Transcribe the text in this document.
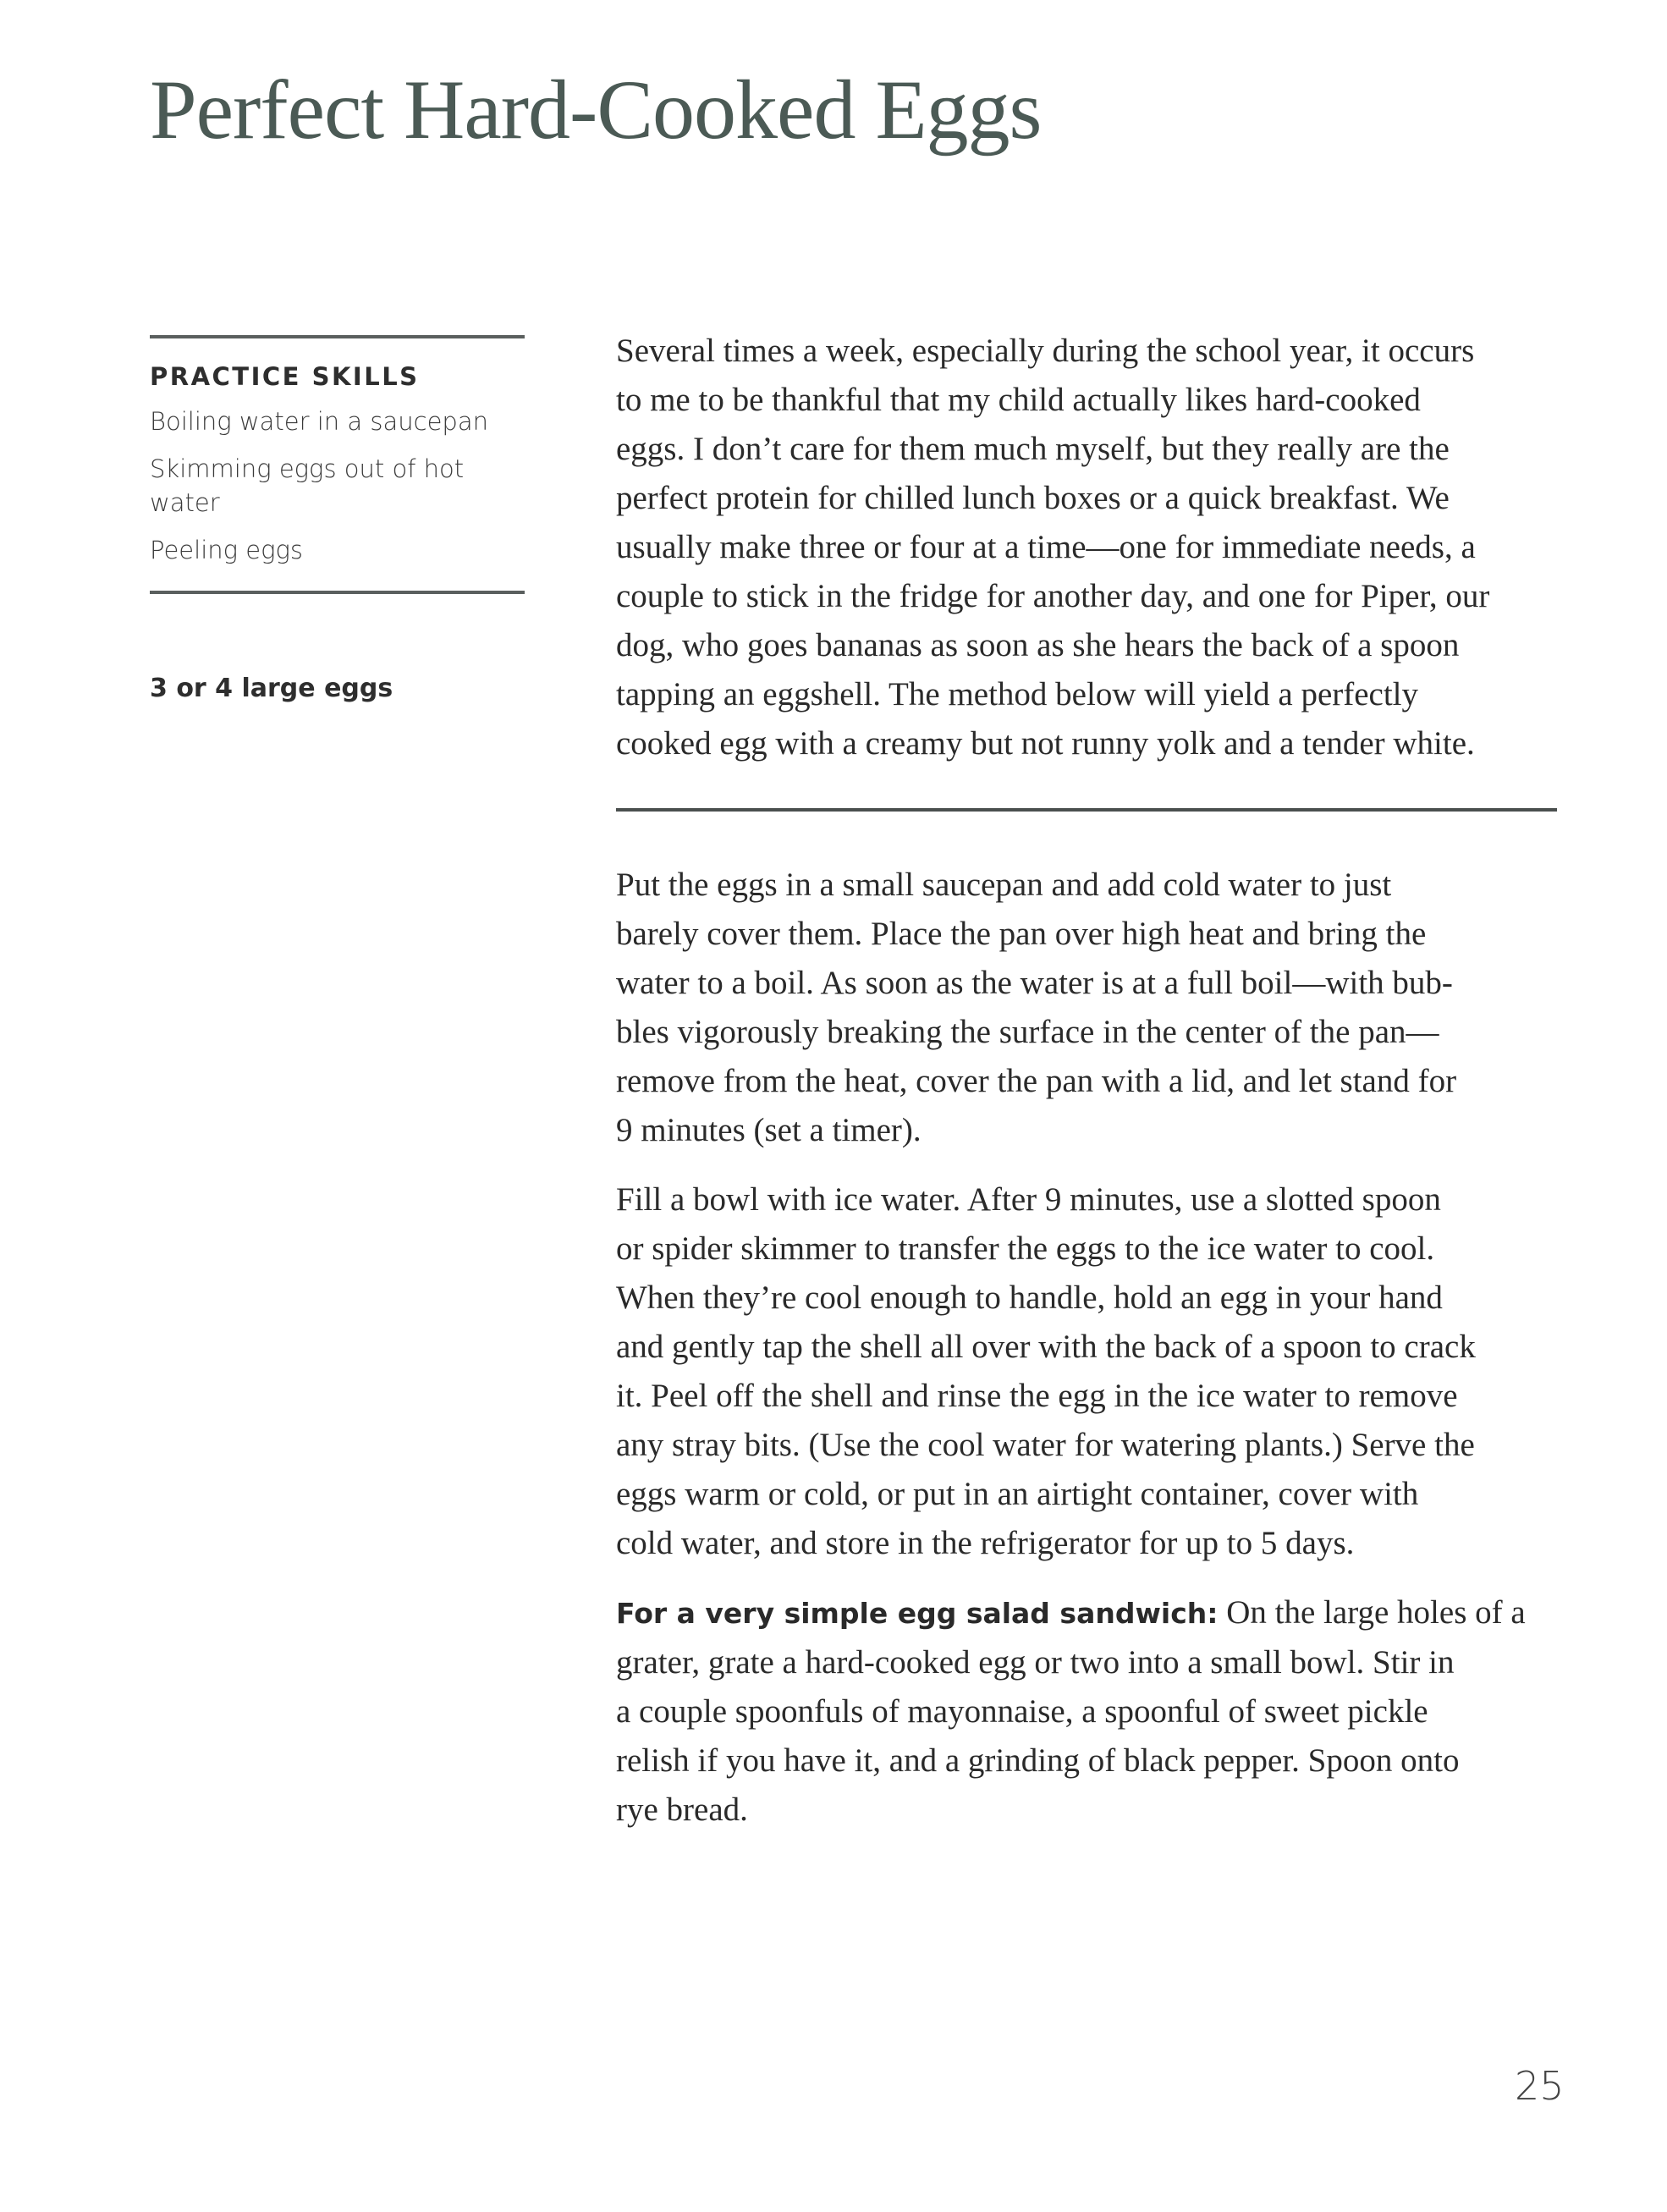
Perfect Hard-Cooked Eggs
PRACTICE SKILLS
Boiling water in a saucepan
Skimming eggs out of hot water
Peeling eggs
3 or 4 large eggs
Several times a week, especially during the school year, it occurs
to me to be thankful that my child actually likes hard-cooked
eggs. I don’t care for them much myself, but they really are the
perfect protein for chilled lunch boxes or a quick breakfast. We
usually make three or four at a time—one for immediate needs, a
couple to stick in the fridge for another day, and one for Piper, our
dog, who goes bananas as soon as she hears the back of a spoon
tapping an eggshell. The method below will yield a perfectly
cooked egg with a creamy but not runny yolk and a tender white.
Put the eggs in a small saucepan and add cold water to just
barely cover them. Place the pan over high heat and bring the
water to a boil. As soon as the water is at a full boil—with bub-
bles vigorously breaking the surface in the center of the pan—
remove from the heat, cover the pan with a lid, and let stand for
9 minutes (set a timer).
Fill a bowl with ice water. After 9 minutes, use a slotted spoon
or spider skimmer to transfer the eggs to the ice water to cool.
When they’re cool enough to handle, hold an egg in your hand
and gently tap the shell all over with the back of a spoon to crack
it. Peel off the shell and rinse the egg in the ice water to remove
any stray bits. (Use the cool water for watering plants.) Serve the
eggs warm or cold, or put in an airtight container, cover with
cold water, and store in the refrigerator for up to 5 days.
For a very simple egg salad sandwich: On the large holes of a
grater, grate a hard-cooked egg or two into a small bowl. Stir in
a couple spoonfuls of mayonnaise, a spoonful of sweet pickle
relish if you have it, and a grinding of black pepper. Spoon onto
rye bread.
25
